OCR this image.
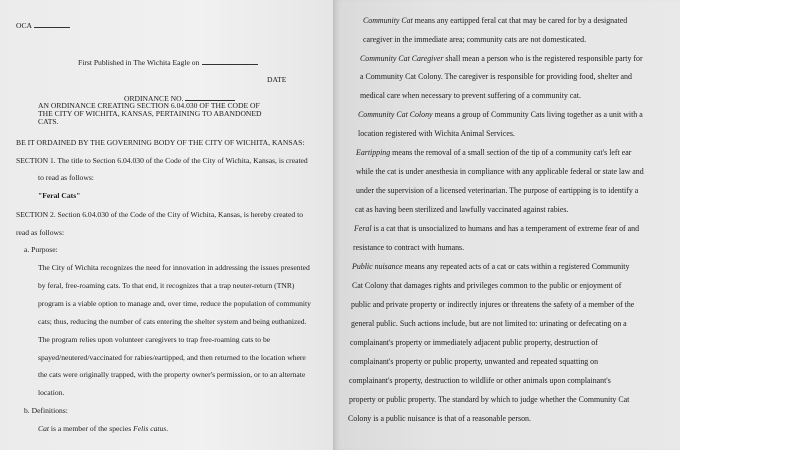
OCA
First Published in The Wichita Eagle on
DATE
ORDINANCE NO.
AN ORDINANCE CREATING SECTION 6.04.030 OF THE CODE OF
THE CITY OF WICHITA, KANSAS, PERTAINING TO ABANDONED
CATS.
BE IT ORDAINED BY THE GOVERNING BODY OF THE CITY OF WICHITA, KANSAS:
SECTION 1. The title to Section 6.04.030 of the Code of the City of Wichita, Kansas, is created
to read as follows:
"Feral Cats"
SECTION 2. Section 6.04.030 of the Code of the City of Wichita, Kansas, is hereby created to
read as follows:
a. Purpose:
The City of Wichita recognizes the need for innovation in addressing the issues presented
by feral, free-roaming cats. To that end, it recognizes that a trap neuter-return (TNR)
program is a viable option to manage and, over time, reduce the population of community
cats; thus, reducing the number of cats entering the shelter system and being euthanized.
The program relies upon volunteer caregivers to trap free-roaming cats to be
spayed/neutered/vaccinated for rabies/eartipped, and then returned to the location where
the cats were originally trapped, with the property owner's permission, or to an alternate
location.
b. Definitions:
Cat is a member of the species Felis catus.
Community Cat means any eartipped feral cat that may be cared for by a designated
caregiver in the immediate area; community cats are not domesticated.
Community Cat Caregiver shall mean a person who is the registered responsible party for
a Community Cat Colony. The caregiver is responsible for providing food, shelter and
medical care when necessary to prevent suffering of a community cat.
Community Cat Colony means a group of Community Cats living together as a unit with a
location registered with Wichita Animal Services.
Eartipping means the removal of a small section of the tip of a community cat's left ear
while the cat is under anesthesia in compliance with any applicable federal or state law and
under the supervision of a licensed veterinarian. The purpose of eartipping is to identify a
cat as having been sterilized and lawfully vaccinated against rabies.
Feral is a cat that is unsocialized to humans and has a temperament of extreme fear of and
resistance to contract with humans.
Public nuisance means any repeated acts of a cat or cats within a registered Community
Cat Colony that damages rights and privileges common to the public or enjoyment of
public and private property or indirectly injures or threatens the safety of a member of the
general public. Such actions include, but are not limited to: urinating or defecating on a
complainant's property or immediately adjacent public property, destruction of
complainant's property or public property, unwanted and repeated squatting on
complainant's property, destruction to wildlife or other animals upon complainant's
property or public property. The standard by which to judge whether the Community Cat
Colony is a public nuisance is that of a reasonable person.
